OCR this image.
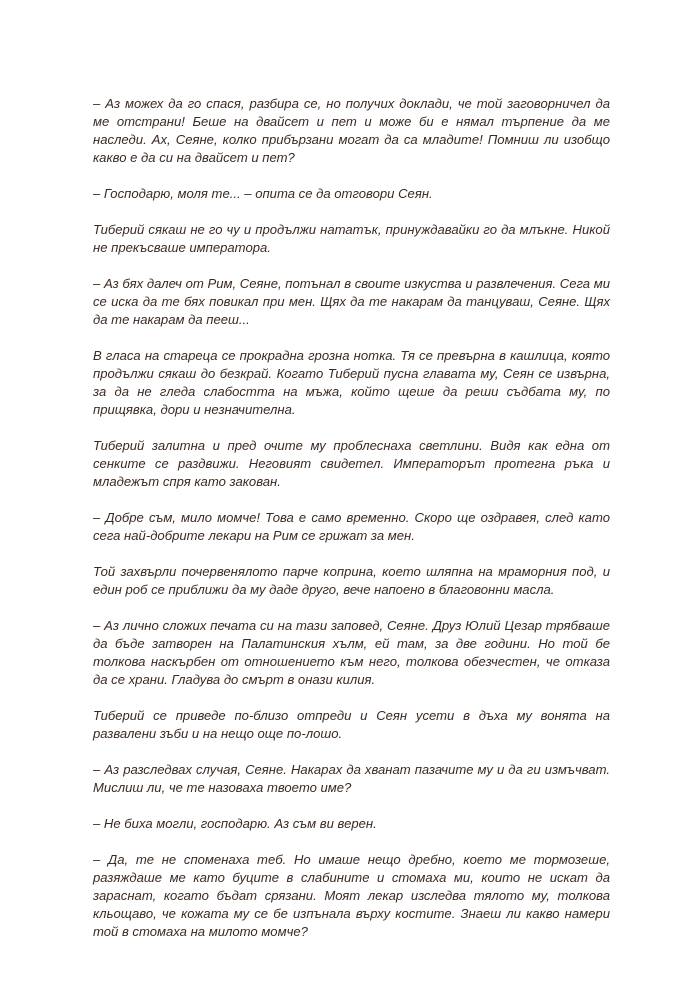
– Аз можех да го спася, разбира се, но получих доклади, че той заговорничел да ме отстрани! Беше на двайсет и пет и може би е нямал търпение да ме наследи. Ах, Сеяне, колко прибързани могат да са младите! Помниш ли изобщо какво е да си на двайсет и пет?

– Господарю, моля те... – опита се да отговори Сеян.

Тиберий сякаш не го чу и продължи нататък, принуждавайки го да млъкне. Никой не прекъсваше императора.

– Аз бях далеч от Рим, Сеяне, потънал в своите изкуства и развлечения. Сега ми се иска да те бях повикал при мен. Щях да те накарам да танцуваш, Сеяне. Щях да те накарам да пееш...

В гласа на стареца се прокрадна грозна нотка. Тя се превърна в кашлица, която продължи сякаш до безкрай. Когато Тиберий пусна главата му, Сеян се извърна, за да не гледа слабостта на мъжа, който щеше да реши съдбата му, по прищявка, дори и незначителна.

Тиберий залитна и пред очите му проблеснаха светлини. Видя как една от сенките се раздвижи. Неговият свидетел. Императорът протегна ръка и младежът спря като закован.

– Добре съм, мило момче! Това е само временно. Скоро ще оздравея, след като сега най-добрите лекари на Рим се грижат за мен.

Той захвърли почервенялото парче коприна, което шляпна на мраморния под, и един роб се приближи да му даде друго, вече напоено в благовонни масла.

– Аз лично сложих печата си на тази заповед, Сеяне. Друз Юлий Цезар трябваше да бъде затворен на Палатинския хълм, ей там, за две години. Но той бе толкова наскърбен от отношението към него, толкова обезчестен, че отказа да се храни. Гладува до смърт в онази килия.

Тиберий се приведе по-близо отпреди и Сеян усети в дъха му вонята на развалени зъби и на нещо още по-лошо.

– Аз разследвах случая, Сеяне. Накарах да хванат пазачите му и да ги измъчват. Мислиш ли, че те назоваха твоето име?

– Не биха могли, господарю. Аз съм ви верен.

– Да, те не споменаха теб. Но имаше нещо дребно, което ме тормозеше, разяждаше ме като буците в слабините и стомаха ми, които не искат да зараснат, когато бъдат срязани. Моят лекар изследва тялото му, толкова кльощаво, че кожата му се бе изпънала върху костите. Знаеш ли какво намери той в стомаха на милото момче?
